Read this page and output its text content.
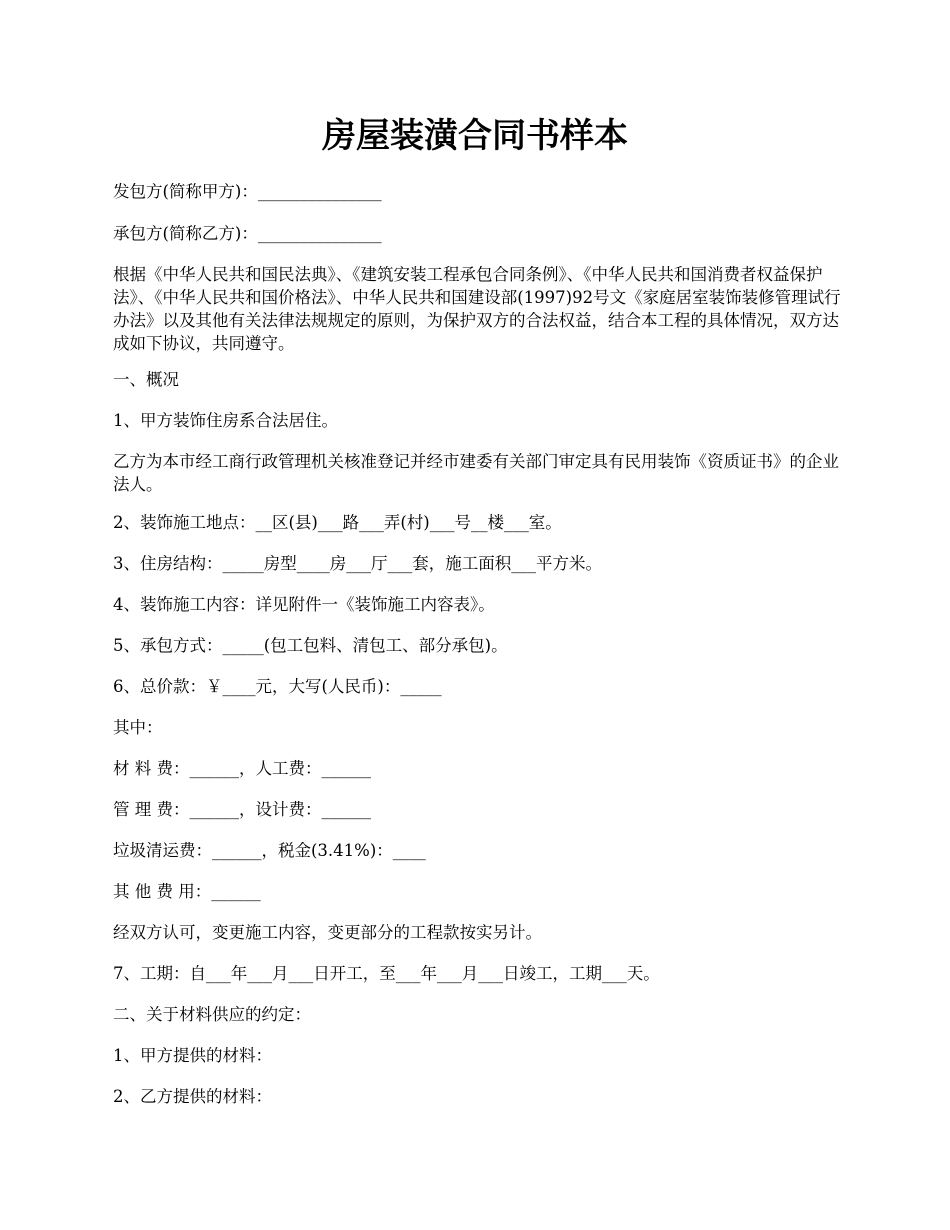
房屋装潢合同书样本

发包方(简称甲方)：_______________

承包方(简称乙方)：_______________

根据《中华人民共和国民法典》、《建筑安装工程承包合同条例》、《中华人民共和国消费者权益保护法》、《中华人民共和国价格法》、中华人民共和国建设部(1997)92号文《家庭居室装饰装修管理试行办法》以及其他有关法律法规规定的原则，为保护双方的合法权益，结合本工程的具体情况，双方达成如下协议，共同遵守。

一、概况

1、甲方装饰住房系合法居住。

乙方为本市经工商行政管理机关核准登记并经市建委有关部门审定具有民用装饰《资质证书》的企业法人。

2、装饰施工地点：__区(县)___路___弄(村)___号__楼___室。

3、住房结构：_____房型____房___厅___套，施工面积___平方米。

4、装饰施工内容：详见附件一《装饰施工内容表》。

5、承包方式：_____(包工包料、清包工、部分承包)。

6、总价款：￥____元，大写(人民币)：_____

其中：

材 料 费：______，人工费：______

管 理 费：______，设计费：______

垃圾清运费：______，税金(3.41%)：____

其 他 费 用：______

经双方认可，变更施工内容，变更部分的工程款按实另计。

7、工期：自___年___月___日开工，至___年___月___日竣工，工期___天。

二、关于材料供应的约定：

1、甲方提供的材料：

2、乙方提供的材料：
